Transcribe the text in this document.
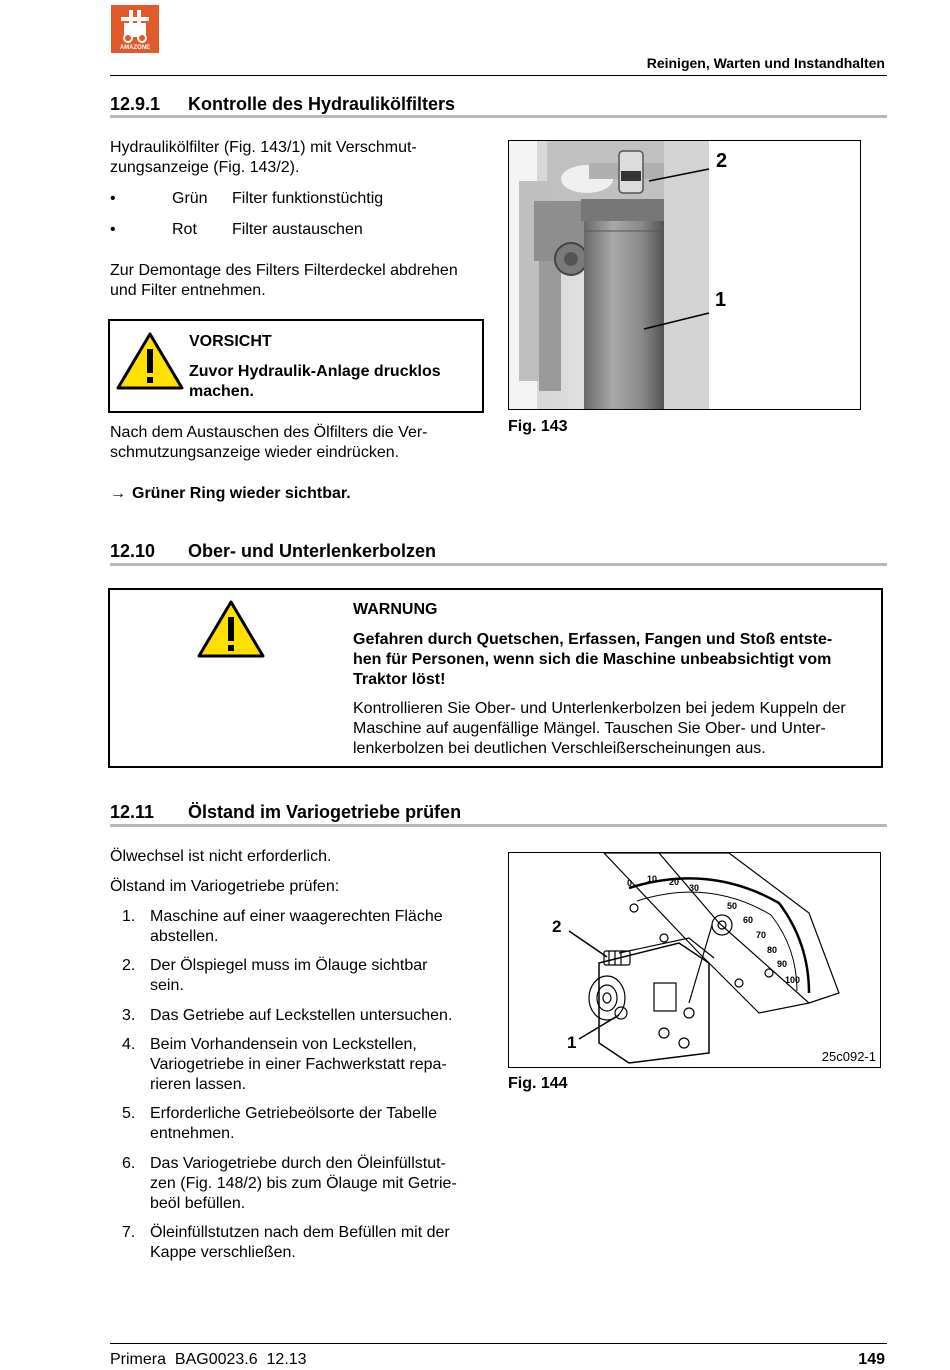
AMAZONE
Reinigen, Warten und Instandhalten
12.9.1 Kontrolle des Hydraulikölfilters
Hydraulikölfilter (Fig. 143/1) mit Verschmut-
zungsanzeige (Fig. 143/2).
•	Grün Filter funktionstüchtig
•	Rot Filter austauschen
Zur Demontage des Filters Filterdeckel abdrehen
und Filter entnehmen.
VORSICHT
Zuvor Hydraulik-Anlage drucklos
machen.
Nach dem Austauschen des Ölfilters die Ver-
schmutzungsanzeige wieder eindrücken.
→ Grüner Ring wieder sichtbar.
2
1
Fig. 143
12.10 Ober- und Unterlenkerbolzen
WARNUNG
Gefahren durch Quetschen, Erfassen, Fangen und Stoß entste-
hen für Personen, wenn sich die Maschine unbeabsichtigt vom
Traktor löst!
Kontrollieren Sie Ober- und Unterlenkerbolzen bei jedem Kuppeln der
Maschine auf augenfällige Mängel. Tauschen Sie Ober- und Unter-
lenkerbolzen bei deutlichen Verschleißerscheinungen aus.
12.11 Ölstand im Variogetriebe prüfen
Ölwechsel ist nicht erforderlich.
Ölstand im Variogetriebe prüfen:
1. Maschine auf einer waagerechten Fläche
abstellen.
2. Der Ölspiegel muss im Ölauge sichtbar
sein.
3. Das Getriebe auf Leckstellen untersuchen.
4. Beim Vorhandensein von Leckstellen,
Variogetriebe in einer Fachwerkstatt repa-
rieren lassen.
5. Erforderliche Getriebeölsorte der Tabelle
entnehmen.
6. Das Variogetriebe durch den Öleinfüllstut-
zen (Fig. 148/2) bis zum Ölauge mit Getrie-
beöl befüllen.
7. Öleinfüllstutzen nach dem Befüllen mit der
Kappe verschließen.
0 10 20
30
50
60
70
80
90
100
2
1
25c092-1
Fig. 144
Primera  BAG0023.6  12.13	149
